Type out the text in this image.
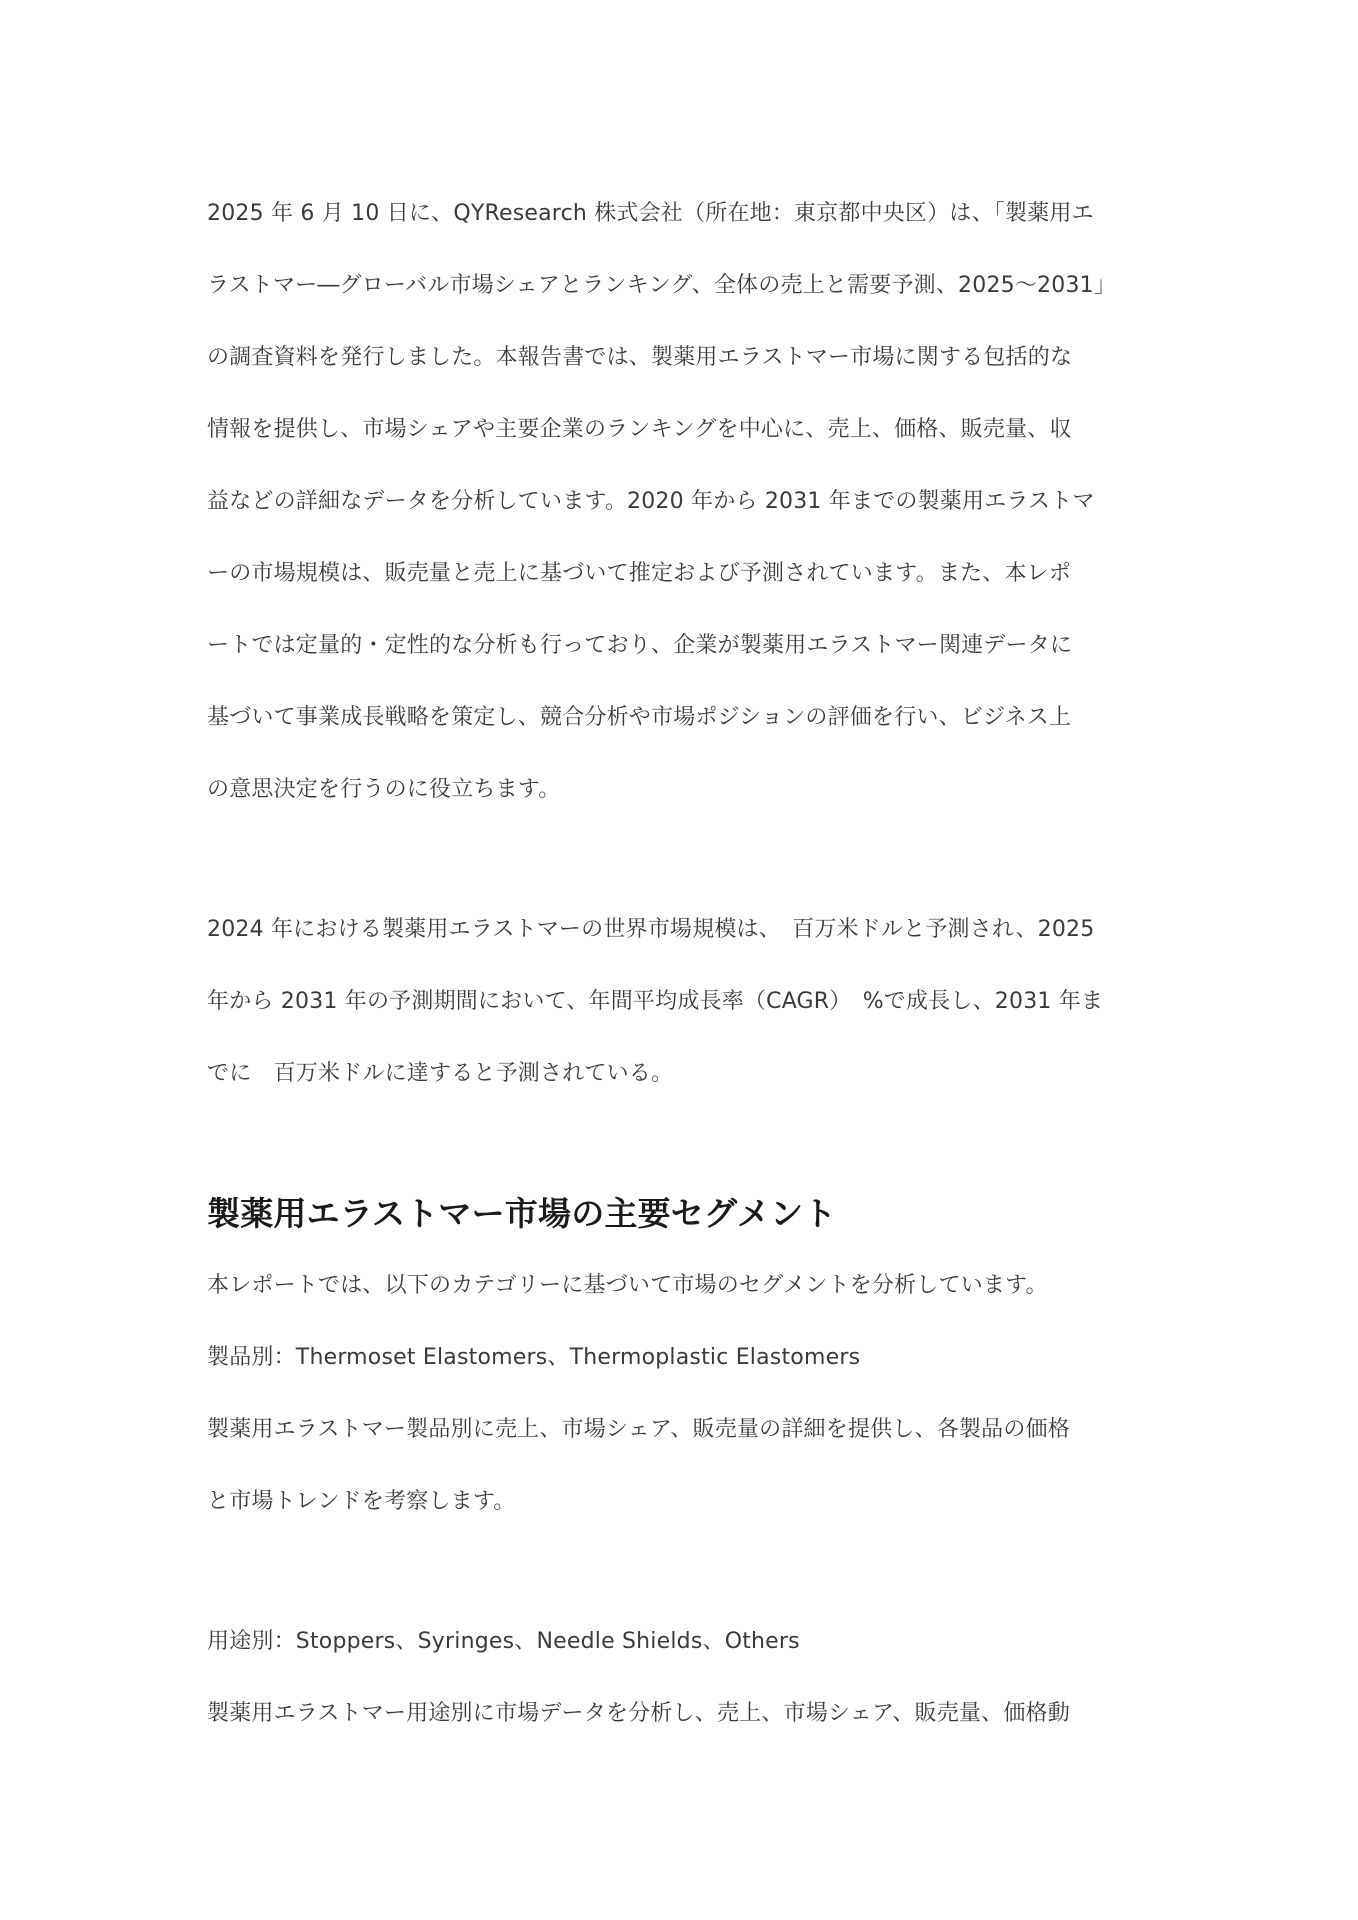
2025 年 6 月 10 日に、QYResearch 株式会社（所在地：東京都中央区）は、「製薬用エ
ラストマー―グローバル市場シェアとランキング、全体の売上と需要予測、2025～2031」
の調査資料を発行しました。本報告書では、製薬用エラストマー市場に関する包括的な
情報を提供し、市場シェアや主要企業のランキングを中心に、売上、価格、販売量、収
益などの詳細なデータを分析しています。2020 年から 2031 年までの製薬用エラストマ
ーの市場規模は、販売量と売上に基づいて推定および予測されています。また、本レポ
ートでは定量的・定性的な分析も行っており、企業が製薬用エラストマー関連データに
基づいて事業成長戦略を策定し、競合分析や市場ポジションの評価を行い、ビジネス上
の意思決定を行うのに役立ちます。

2024 年における製薬用エラストマーの世界市場規模は、　百万米ドルと予測され、2025
年から 2031 年の予測期間において、年間平均成長率（CAGR）　%で成長し、2031 年ま
でに　百万米ドルに達すると予測されている。

製薬用エラストマー市場の主要セグメント

本レポートでは、以下のカテゴリーに基づいて市場のセグメントを分析しています。
製品別：Thermoset Elastomers、Thermoplastic Elastomers
製薬用エラストマー製品別に売上、市場シェア、販売量の詳細を提供し、各製品の価格
と市場トレンドを考察します。

用途別：Stoppers、Syringes、Needle Shields、Others
製薬用エラストマー用途別に市場データを分析し、売上、市場シェア、販売量、価格動
